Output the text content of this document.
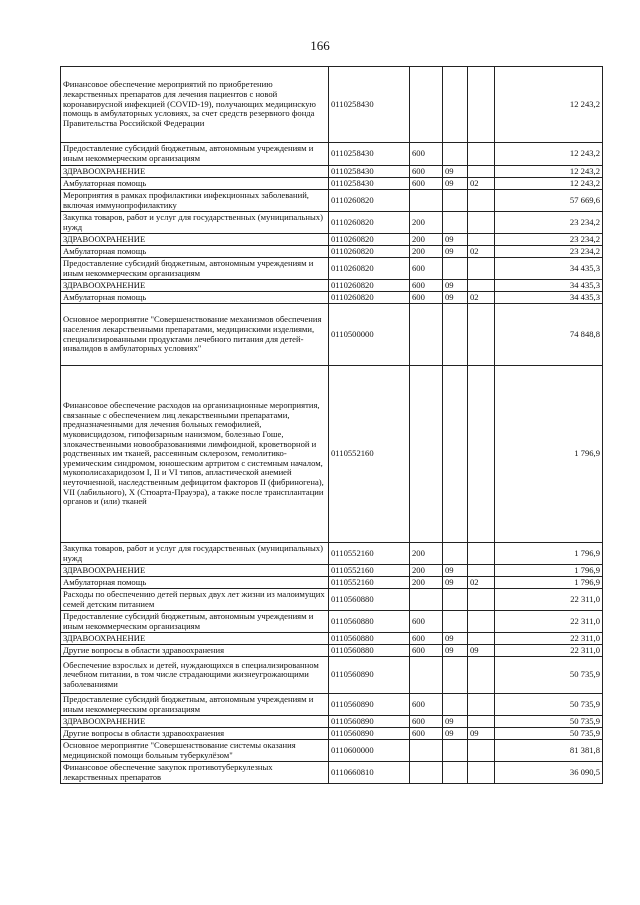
166
Финансовое обеспечение мероприятий по приобретению лекарственных препаратов для лечения пациентов с новой коронавирусной инфекцией (COVID-19), получающих медицинскую помощь в амбулаторных условиях, за счет средств резервного фонда Правительства Российской Федерации	0110258430				12 243,2
Предоставление субсидий бюджетным, автономным учреждениям и иным некоммерческим организациям	0110258430	600			12 243,2
ЗДРАВООХРАНЕНИЕ	0110258430	600	09		12 243,2
Амбулаторная помощь	0110258430	600	09	02	12 243,2
Мероприятия в рамках профилактики инфекционных заболеваний, включая иммунопрофилактику	0110260820				57 669,6
Закупка товаров, работ и услуг для государственных (муниципальных) нужд	0110260820	200			23 234,2
ЗДРАВООХРАНЕНИЕ	0110260820	200	09		23 234,2
Амбулаторная помощь	0110260820	200	09	02	23 234,2
Предоставление субсидий бюджетным, автономным учреждениям и иным некоммерческим организациям	0110260820	600			34 435,3
ЗДРАВООХРАНЕНИЕ	0110260820	600	09		34 435,3
Амбулаторная помощь	0110260820	600	09	02	34 435,3
Основное мероприятие "Совершенствование механизмов обеспечения населения лекарственными препаратами, медицинскими изделиями, специализированными продуктами лечебного питания для детей-инвалидов в амбулаторных условиях"	0110500000				74 848,8
Финансовое обеспечение расходов на организационные мероприятия, связанные с обеспечением лиц лекарственными препаратами, предназначенными для лечения больных гемофилией, муковисцидозом, гипофизарным нанизмом, болезнью Гоше, злокачественными новообразованиями лимфоидной, кроветворной и родственных им тканей, рассеянным склерозом, гемолитико-уремическим синдромом, юношеским артритом с системным началом, мукополисахаридозом I, II и VI типов, апластической анемией неуточненной, наследственным дефицитом факторов II (фибриногена), VII (лабильного), X (Стюарта-Прауэра), а также после трансплантации органов и (или) тканей	0110552160				1 796,9
Закупка товаров, работ и услуг для государственных (муниципальных) нужд	0110552160	200			1 796,9
ЗДРАВООХРАНЕНИЕ	0110552160	200	09		1 796,9
Амбулаторная помощь	0110552160	200	09	02	1 796,9
Расходы по обеспечению детей первых двух лет жизни из малоимущих семей детским питанием	0110560880				22 311,0
Предоставление субсидий бюджетным, автономным учреждениям и иным некоммерческим организациям	0110560880	600			22 311,0
ЗДРАВООХРАНЕНИЕ	0110560880	600	09		22 311,0
Другие вопросы в области здравоохранения	0110560880	600	09	09	22 311,0
Обеспечение взрослых и детей, нуждающихся в специализированном лечебном питании, в том числе страдающими жизнеугрожающими заболеваниями	0110560890				50 735,9
Предоставление субсидий бюджетным, автономным учреждениям и иным некоммерческим организациям	0110560890	600			50 735,9
ЗДРАВООХРАНЕНИЕ	0110560890	600	09		50 735,9
Другие вопросы в области здравоохранения	0110560890	600	09	09	50 735,9
Основное мероприятие "Совершенствование системы оказания медицинской помощи больным туберкулёзом"	0110600000				81 381,8
Финансовое обеспечение закупок противотуберкулезных лекарственных препаратов	0110660810				36 090,5
